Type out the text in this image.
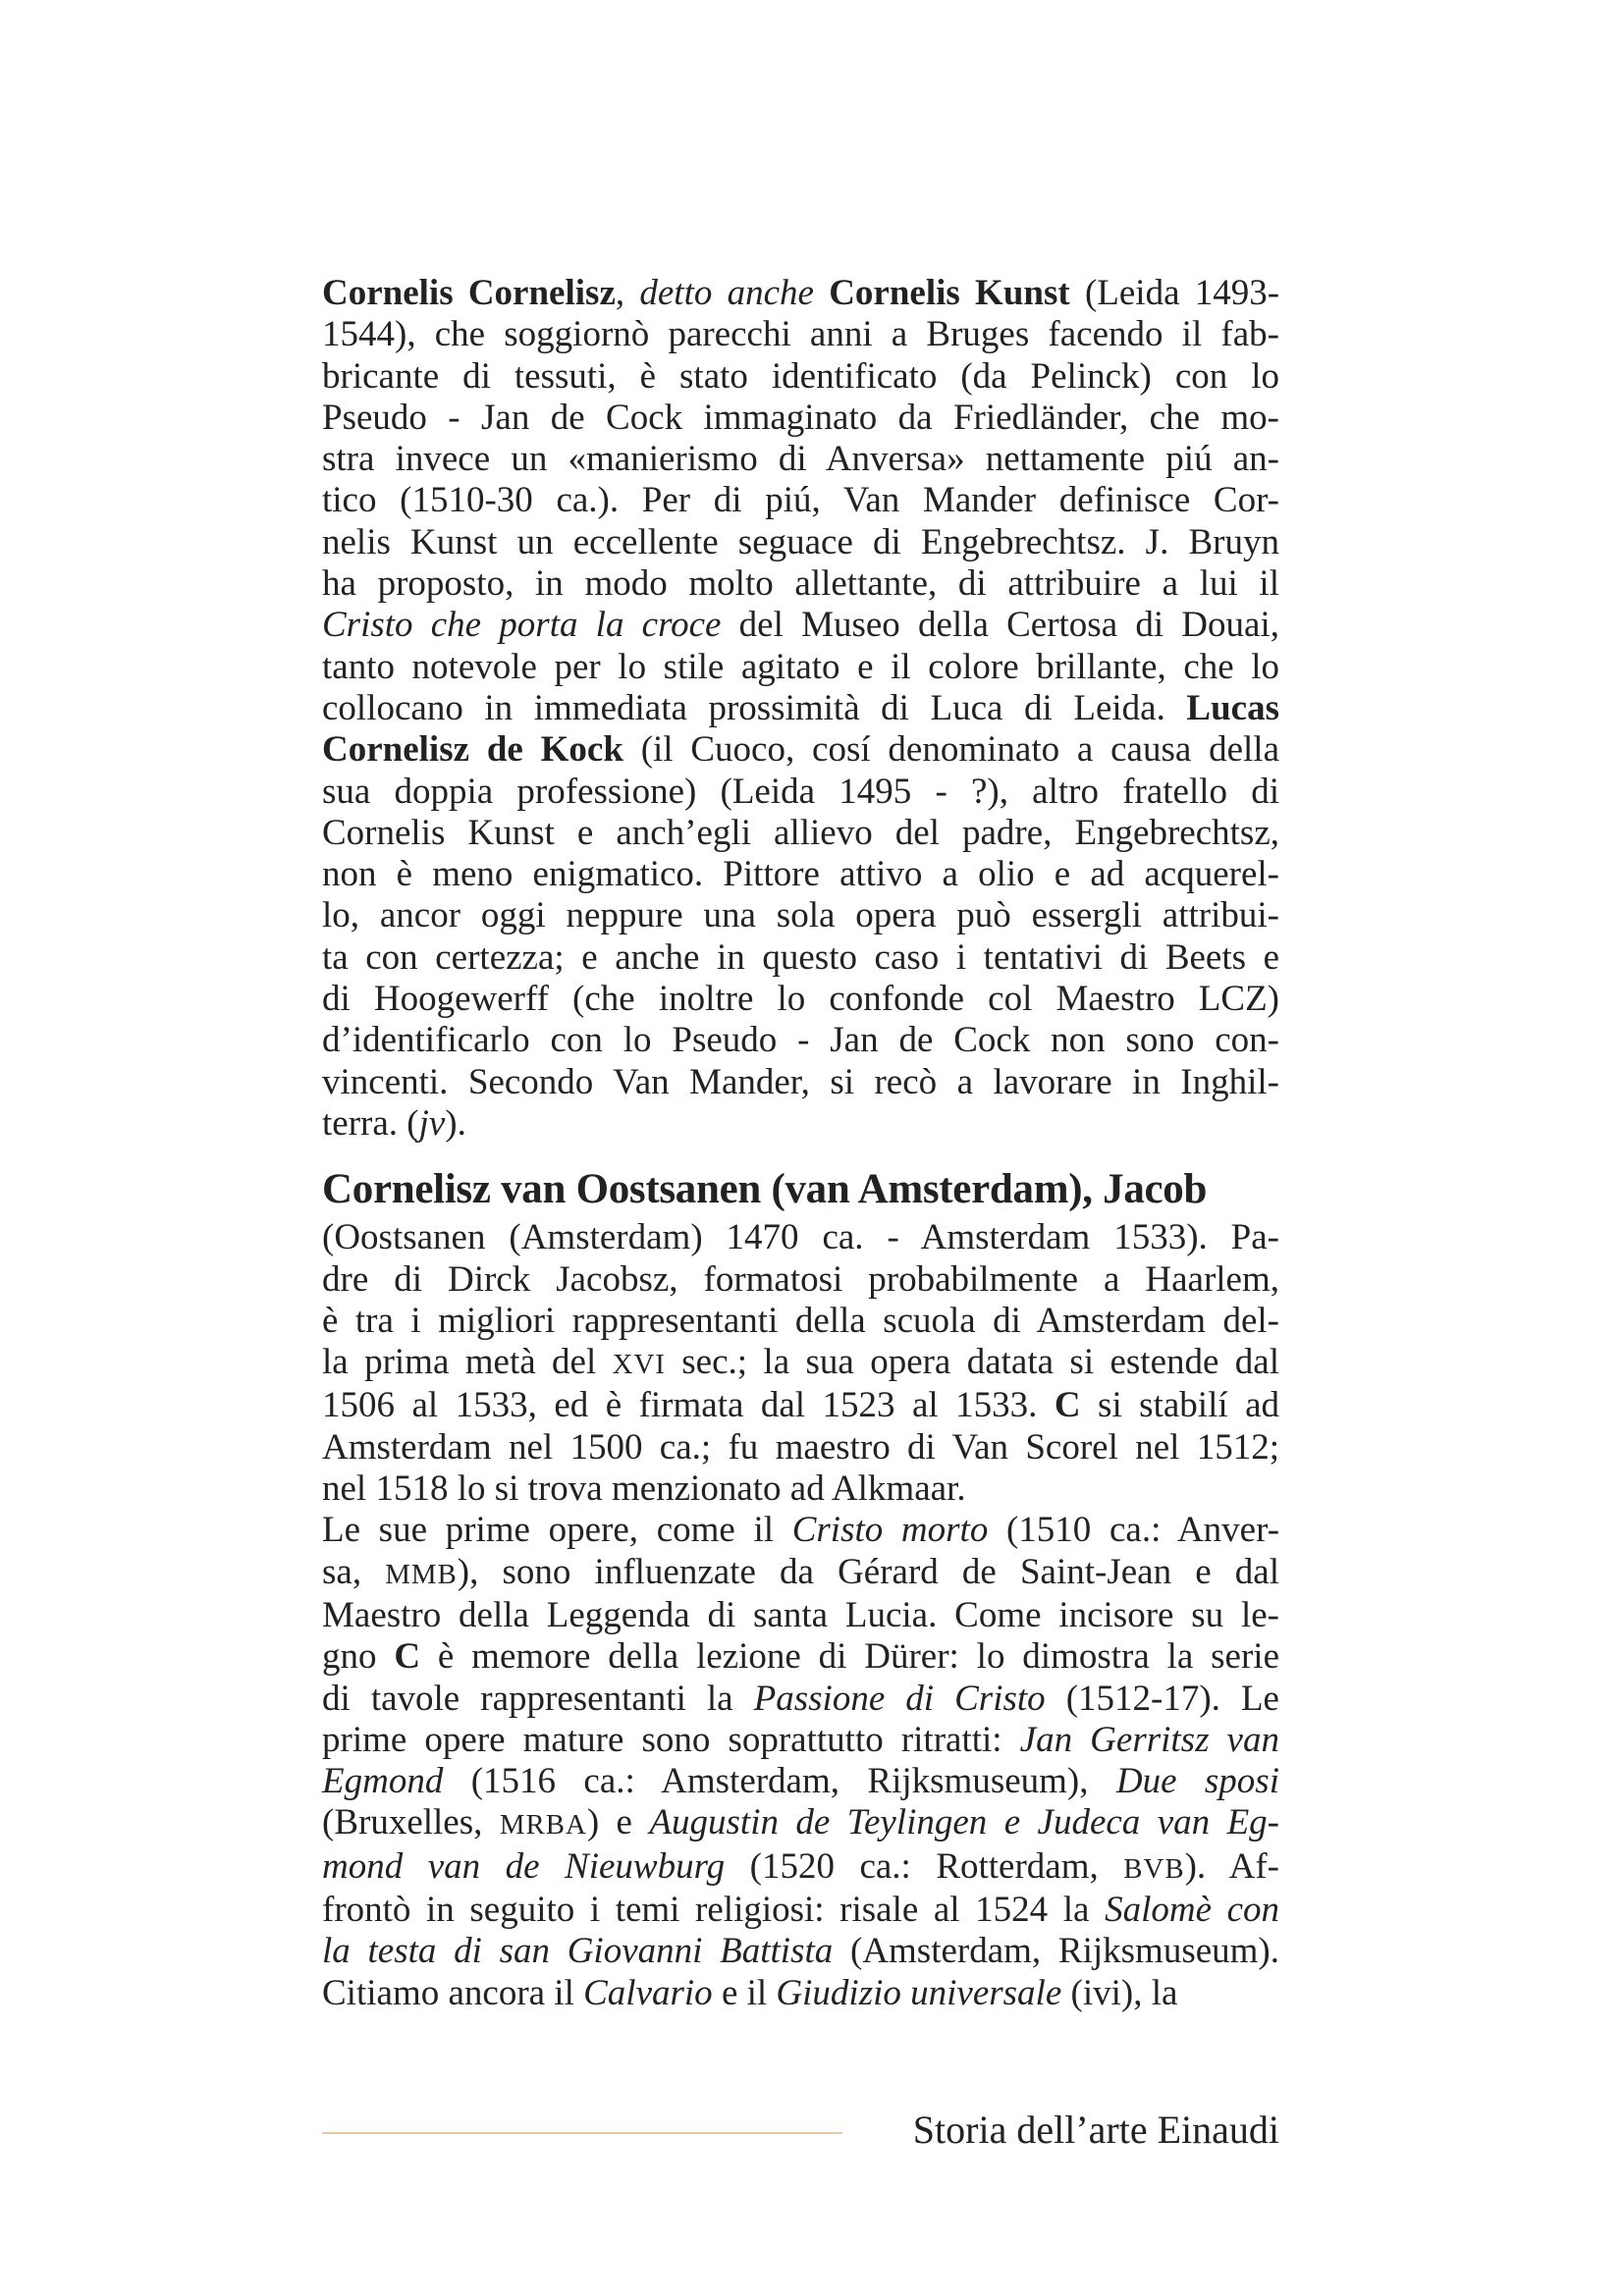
Cornelis Cornelisz, detto anche Cornelis Kunst (Leida 1493-
1544), che soggiornò parecchi anni a Bruges facendo il fab-
bricante di tessuti, è stato identificato (da Pelinck) con lo
Pseudo - Jan de Cock immaginato da Friedländer, che mo-
stra invece un «manierismo di Anversa» nettamente piú an-
tico (1510-30 ca.). Per di piú, Van Mander definisce Cor-
nelis Kunst un eccellente seguace di Engebrechtsz. J. Bruyn
ha proposto, in modo molto allettante, di attribuire a lui il
Cristo che porta la croce del Museo della Certosa di Douai,
tanto notevole per lo stile agitato e il colore brillante, che lo
collocano in immediata prossimità di Luca di Leida. Lucas
Cornelisz de Kock (il Cuoco, cosí denominato a causa della
sua doppia professione) (Leida 1495 - ?), altro fratello di
Cornelis Kunst e anch’egli allievo del padre, Engebrechtsz,
non è meno enigmatico. Pittore attivo a olio e ad acquerel-
lo, ancor oggi neppure una sola opera può essergli attribui-
ta con certezza; e anche in questo caso i tentativi di Beets e
di Hoogewerff (che inoltre lo confonde col Maestro LCZ)
d’identificarlo con lo Pseudo - Jan de Cock non sono con-
vincenti. Secondo Van Mander, si recò a lavorare in Inghil-
terra. (jv).
Cornelisz van Oostsanen (van Amsterdam), Jacob
(Oostsanen (Amsterdam) 1470 ca. - Amsterdam 1533). Pa-
dre di Dirck Jacobsz, formatosi probabilmente a Haarlem,
è tra i migliori rappresentanti della scuola di Amsterdam del-
la prima metà del XVI sec.; la sua opera datata si estende dal
1506 al 1533, ed è firmata dal 1523 al 1533. C si stabilí ad
Amsterdam nel 1500 ca.; fu maestro di Van Scorel nel 1512;
nel 1518 lo si trova menzionato ad Alkmaar.
Le sue prime opere, come il Cristo morto (1510 ca.: Anver-
sa, MMB), sono influenzate da Gérard de Saint-Jean e dal
Maestro della Leggenda di santa Lucia. Come incisore su le-
gno C è memore della lezione di Dürer: lo dimostra la serie
di tavole rappresentanti la Passione di Cristo (1512-17). Le
prime opere mature sono soprattutto ritratti: Jan Gerritsz van
Egmond (1516 ca.: Amsterdam, Rijksmuseum), Due sposi
(Bruxelles, MRBA) e Augustin de Teylingen e Judeca van Eg-
mond van de Nieuwburg (1520 ca.: Rotterdam, BVB). Af-
frontò in seguito i temi religiosi: risale al 1524 la Salomè con
la testa di san Giovanni Battista (Amsterdam, Rijksmuseum).
Citiamo ancora il Calvario e il Giudizio universale (ivi), la
Storia dell’arte Einaudi
